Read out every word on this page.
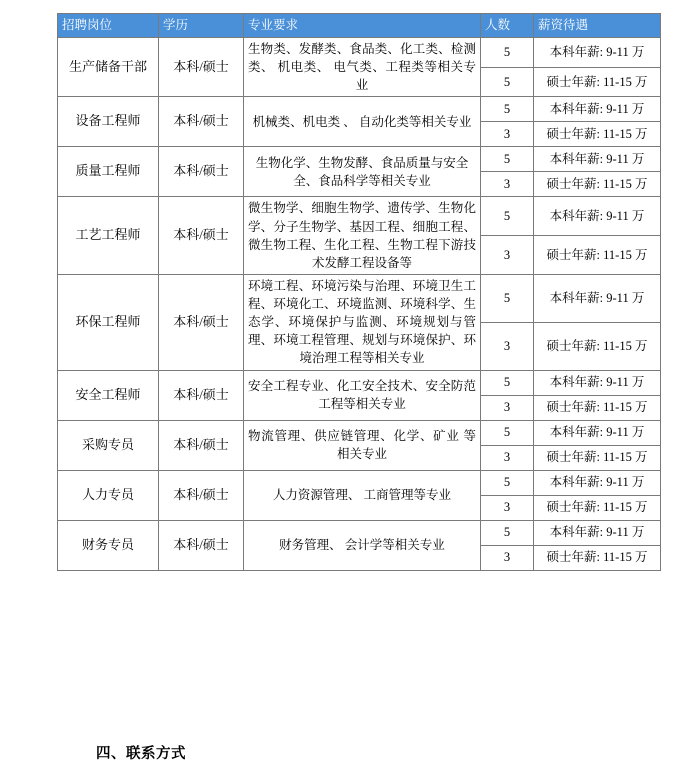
招聘岗位	学历	专业要求	人数	薪资待遇
生产储备干部	本科/硕士	生物类、发酵类、食品类、化工类、检测类、 机电类、 电气类、工程类等相关专业	5	本科年薪: 9-11 万
			5	硕士年薪: 11-15 万
设备工程师	本科/硕士	机械类、机电类 、 自动化类等相关专业	5	本科年薪: 9-11 万
			3	硕士年薪: 11-15 万
质量工程师	本科/硕士	生物化学、生物发酵、食品质量与安全全、食品科学等相关专业	5	本科年薪: 9-11 万
			3	硕士年薪: 11-15 万
工艺工程师	本科/硕士	微生物学、细胞生物学、遗传学、生物化学、分子生物学、基因工程、细胞工程、微生物工程、生化工程、生物工程下游技术发酵工程设备等	5	本科年薪: 9-11 万
			3	硕士年薪: 11-15 万
环保工程师	本科/硕士	环境工程、环境污染与治理、环境卫生工程、环境化工、环境监测、环境科学、生态学、环境保护与监测、环境规划与管理、环境工程管理、规划与环境保护、环境治理工程等相关专业	5	本科年薪: 9-11 万
			3	硕士年薪: 11-15 万
安全工程师	本科/硕士	安全工程专业、化工安全技术、安全防范工程等相关专业	5	本科年薪: 9-11 万
			3	硕士年薪: 11-15 万
采购专员	本科/硕士	物流管理、供应链管理、化学、矿业 等相关专业	5	本科年薪: 9-11 万
			3	硕士年薪: 11-15 万
人力专员	本科/硕士	人力资源管理、 工商管理等专业	5	本科年薪: 9-11 万
			3	硕士年薪: 11-15 万
财务专员	本科/硕士	财务管理、 会计学等相关专业	5	本科年薪: 9-11 万
			3	硕士年薪: 11-15 万
四、联系方式
